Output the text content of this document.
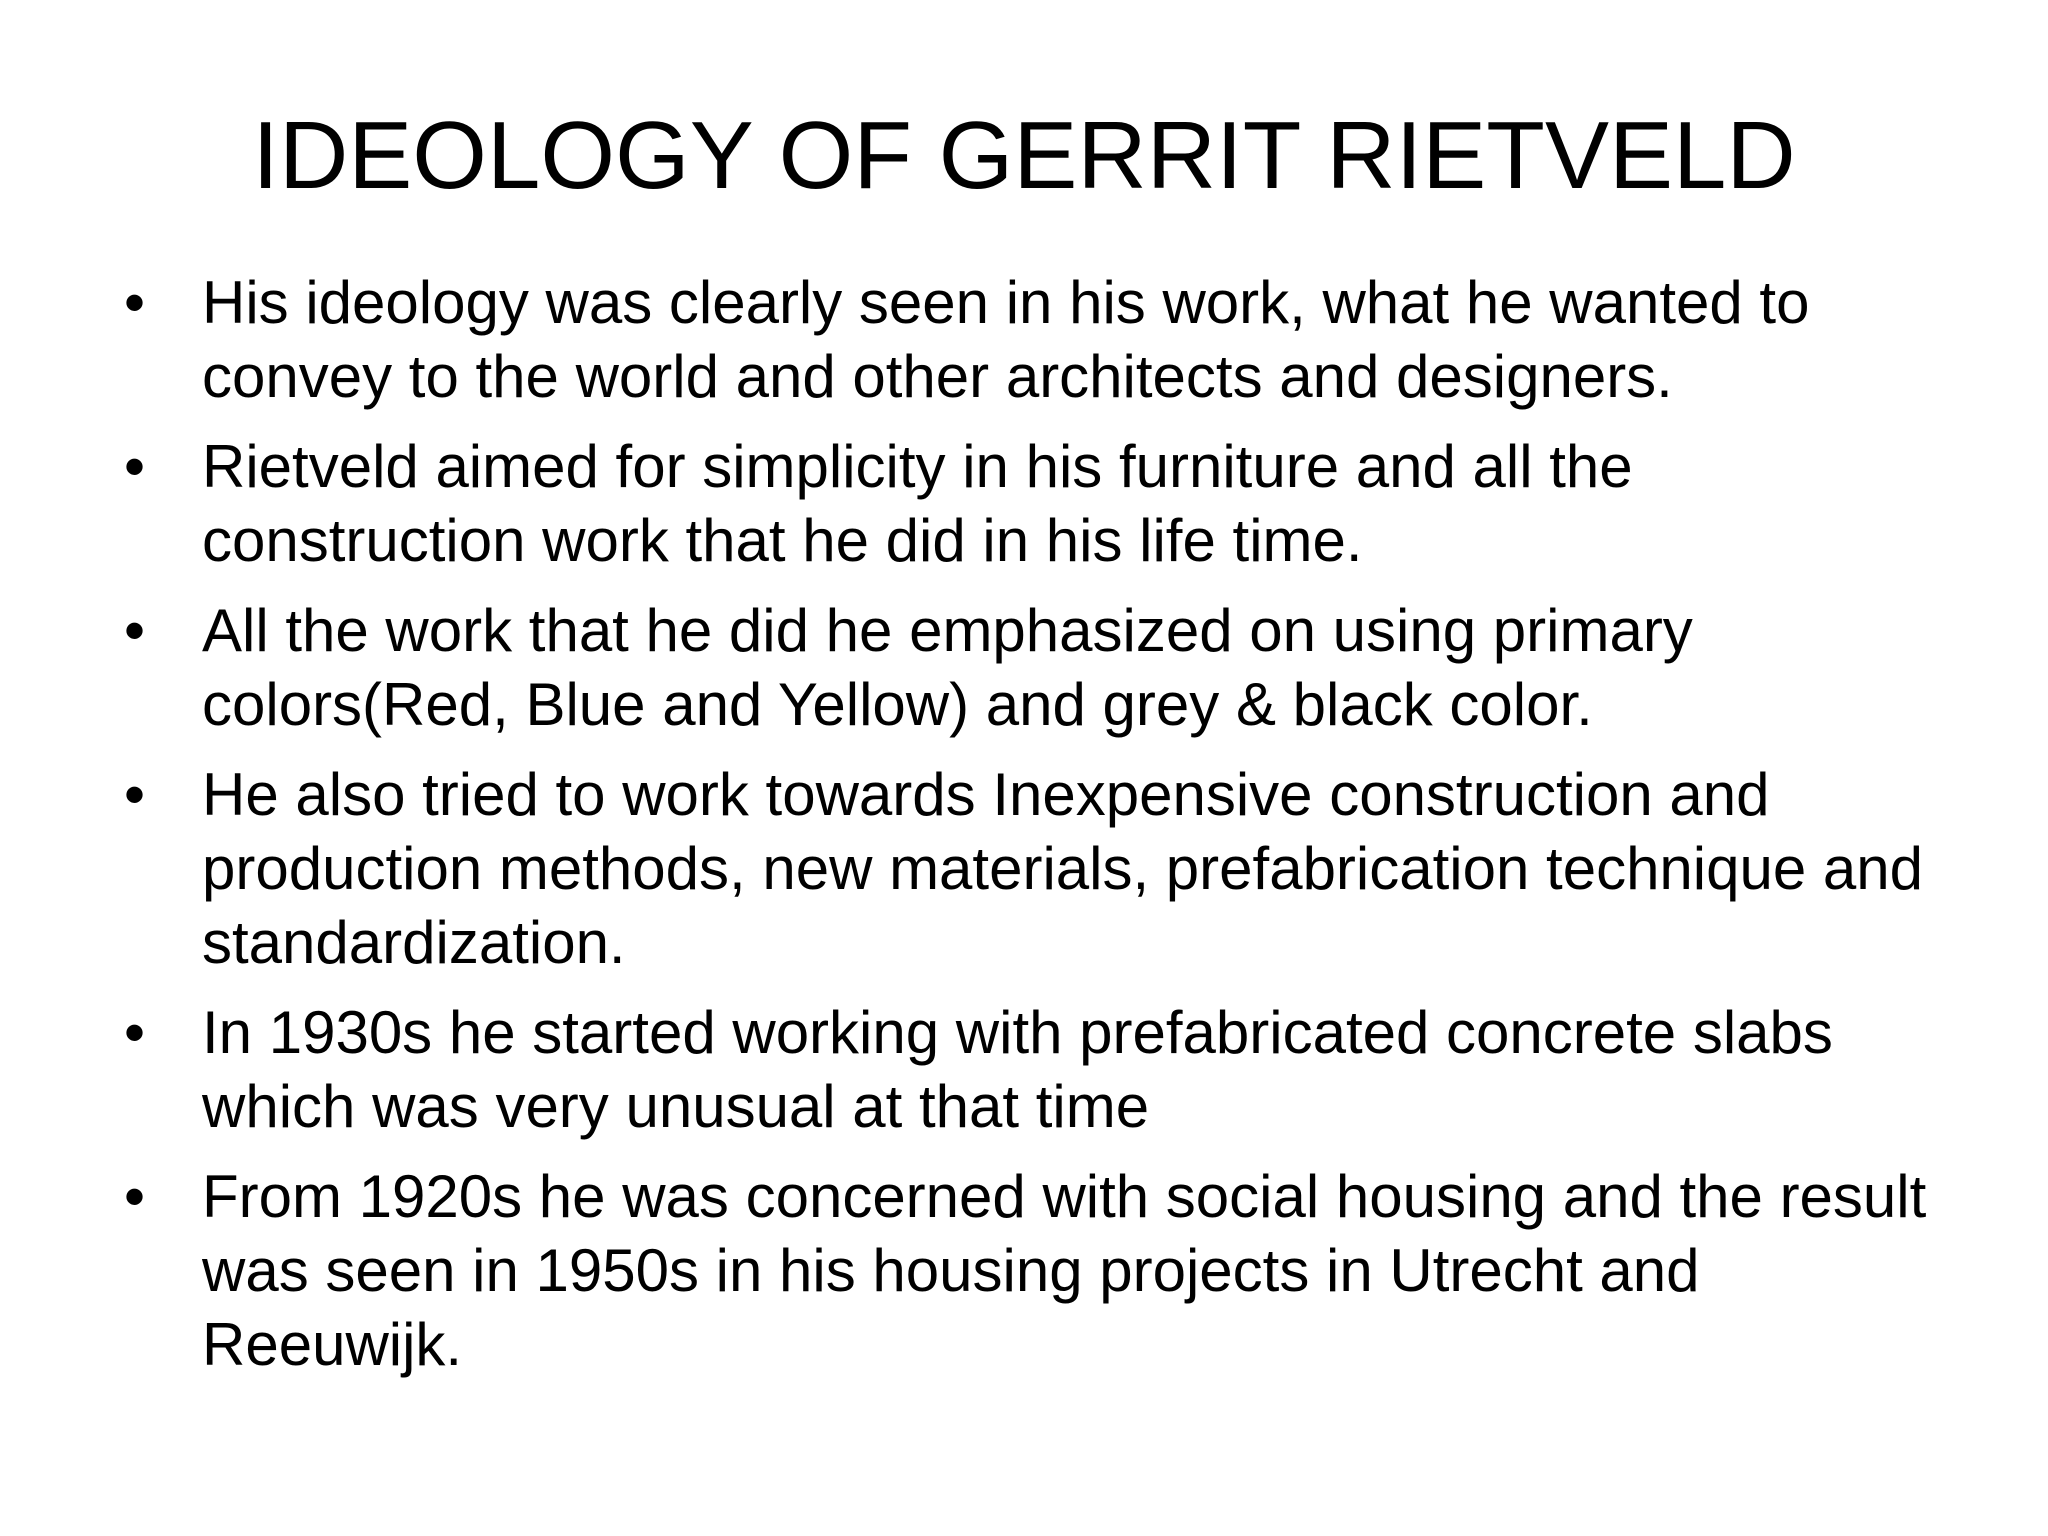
IDEOLOGY OF GERRIT RIETVELD
• His ideology was clearly seen in his work, what he wanted to convey to the world and other architects and designers.
• Rietveld aimed for simplicity in his furniture and all the construction work that he did in his life time.
• All the work that he did he emphasized on using primary colors(Red, Blue and Yellow) and grey & black color.
• He also tried to work towards Inexpensive construction and production methods, new materials, prefabrication technique and standardization.
• In 1930s he started working with prefabricated concrete slabs which was very unusual at that time
• From 1920s he was concerned with social housing and the result was seen in 1950s in his housing projects in Utrecht and Reeuwijk.
